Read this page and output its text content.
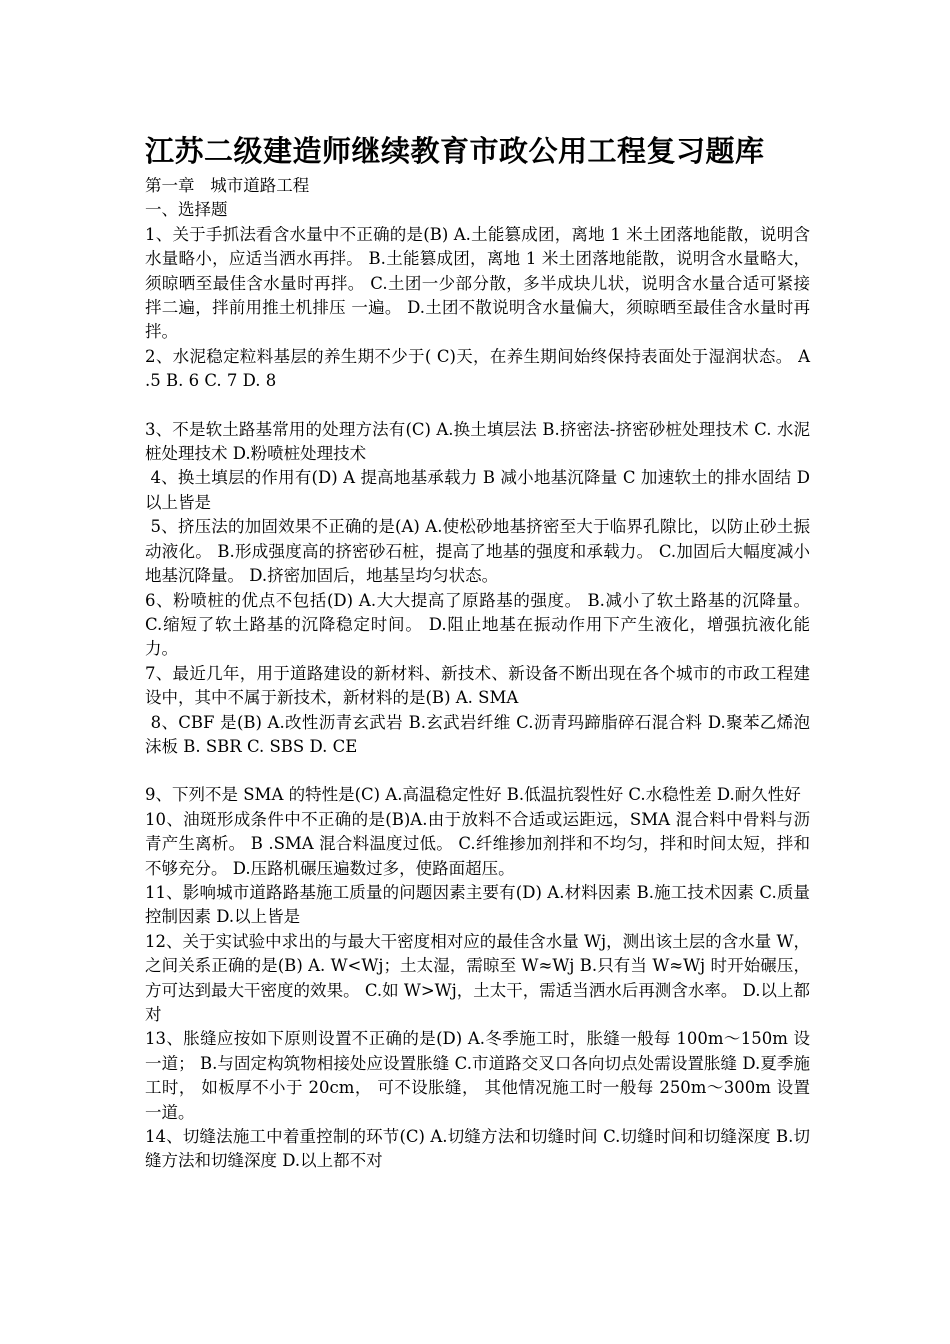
江苏二级建造师继续教育市政公用工程复习题库

第一章   城市道路工程

一、选择题

1、关于手抓法看含水量中不正确的是(B) A.土能篡成团，离地 1 米土团落地能散，说明含水量略小，应适当洒水再拌。 B.土能篡成团，离地 1 米土团落地能散，说明含水量略大，须晾晒至最佳含水量时再拌。 C.土团一少部分散，多半成块儿状，说明含水量合适可紧接拌二遍，拌前用推土机排压 一遍。 D.土团不散说明含水量偏大，须晾晒至最佳含水量时再拌。

2、水泥稳定粒料基层的养生期不少于( C)天，在养生期间始终保持表面处于湿润状态。 A .5 B. 6 C. 7 D. 8

3、不是软土路基常用的处理方法有(C) A.换土填层法 B.挤密法-挤密砂桩处理技术 C. 水泥桩处理技术 D.粉喷桩处理技术

4、换土填层的作用有(D) A 提高地基承载力 B 减小地基沉降量 C 加速软土的排水固结 D 以上皆是

5、挤压法的加固效果不正确的是(A) A.使松砂地基挤密至大于临界孔隙比，以防止砂土振动液化。 B.形成强度高的挤密砂石桩，提高了地基的强度和承载力。 C.加固后大幅度减小地基沉降量。 D.挤密加固后，地基呈均匀状态。

6、粉喷桩的优点不包括(D) A.大大提高了原路基的强度。 B.减小了软土路基的沉降量。 C.缩短了软土路基的沉降稳定时间。 D.阻止地基在振动作用下产生液化，增强抗液化能力。

7、最近几年，用于道路建设的新材料、新技术、新设备不断出现在各个城市的市政工程建 设中，其中不属于新技术，新材料的是(B) A. SMA

8、CBF 是(B) A.改性沥青玄武岩 B.玄武岩纤维 C.沥青玛蹄脂碎石混合料 D.聚苯乙烯泡沫板 B. SBR C. SBS D. CE

9、下列不是 SMA 的特性是(C) A.高温稳定性好 B.低温抗裂性好 C.水稳性差 D.耐久性好

10、油斑形成条件中不正确的是(B)A.由于放料不合适或运距远，SMA 混合料中骨料与沥青产生离析。 B .SMA 混合料温度过低。 C.纤维掺加剂拌和不均匀，拌和时间太短，拌和不够充分。 D.压路机碾压遍数过多，使路面超压。

11、影响城市道路路基施工质量的问题因素主要有(D) A.材料因素 B.施工技术因素 C.质量控制因素 D.以上皆是

12、关于实试验中求出的与最大干密度相对应的最佳含水量 Wj，测出该土层的含水量 W， 之间关系正确的是(B) A. W<Wj；土太湿，需晾至 W≈Wj B.只有当 W≈Wj 时开始碾压，方可达到最大干密度的效果。 C.如 W>Wj，土太干，需适当洒水后再测含水率。 D.以上都对

13、胀缝应按如下原则设置不正确的是(D) A.冬季施工时，胀缝一般每 100m～150m 设一道； B.与固定构筑物相接处应设置胀缝 C.市道路交叉口各向切点处需设置胀缝 D.夏季施工时， 如板厚不小于 20cm， 可不设胀缝， 其他情况施工时一般每 250m～300m 设置一道。

14、切缝法施工中着重控制的环节(C) A.切缝方法和切缝时间 C.切缝时间和切缝深度 B.切缝方法和切缝深度 D.以上都不对
